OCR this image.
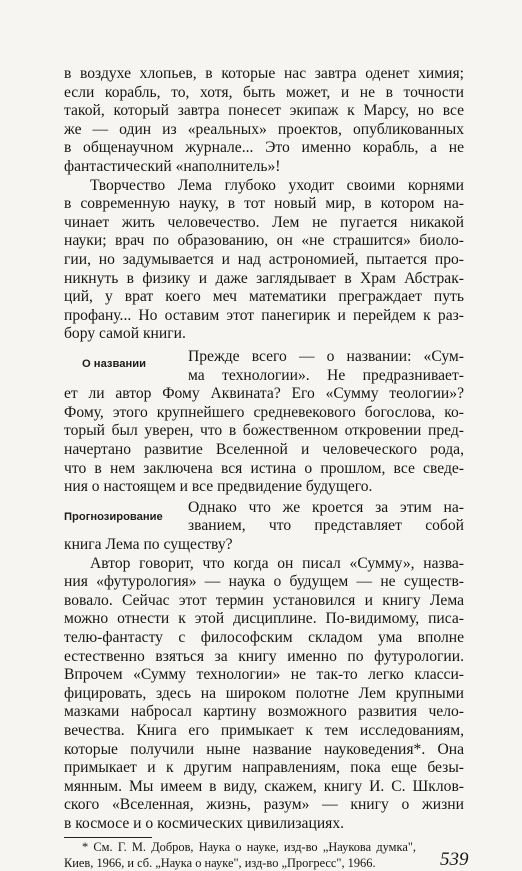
в воздухе хлопьев, в которые нас завтра оденет химия;
если корабль, то, хотя, быть может, и не в точности
такой, который завтра понесет экипаж к Марсу, но все
же — один из «реальных» проектов, опубликованных
в общенаучном журнале... Это именно корабль, а не
фантастический «наполнитель»!
Творчество Лема глубоко уходит своими корнями
в современную науку, в тот новый мир, в котором на-
чинает жить человечество. Лем не пугается никакой
науки; врач по образованию, он «не страшится» биоло-
гии, но задумывается и над астрономией, пытается про-
никнуть в физику и даже заглядывает в Храм Абстрак-
ций, у врат коего меч математики преграждает путь
профану... Но оставим этот панегирик и перейдем к раз-
бору самой книги.
О названии	Прежде всего — о названии: «Сум-
ма технологии». Не предразнивает-
ет ли автор Фому Аквината? Его «Сумму теологии»?
Фому, этого крупнейшего средневекового богослова, ко-
торый был уверен, что в божественном откровении пред-
начертано развитие Вселенной и человеческого рода,
что в нем заключена вся истина о прошлом, все сведе-
ния о настоящем и все предвидение будущего.
Прогнозирование
Однако что же кроется за этим на-
званием, что представляет собой
книга Лема по существу?
Автор говорит, что когда он писал «Сумму», назва-
ния «футурология» — наука о будущем — не существ-
вовало. Сейчас этот термин установился и книгу Лема
можно отнести к этой дисциплине. По-видимому, писа-
телю-фантасту с философским складом ума вполне
естественно взяться за книгу именно по футурологии.
Впрочем «Сумму технологии» не так-то легко класси-
фицировать, здесь на широком полотне Лем крупными
мазками набросал картину возможного развития чело-
вечества. Книга его примыкает к тем исследованиям,
которые получили ныне название науковедения*. Она
примыкает и к другим направлениям, пока еще безы-
мянным. Мы имеем в виду, скажем, книгу И. С. Шклов-
ского «Вселенная, жизнь, разум» — книгу о жизни
в космосе и о космических цивилизациях.
* См. Г. М. Добров, Наука о науке, изд-во „Наукова думка",
Киев, 1966, и сб. „Наука о науке", изд-во „Прогресс", 1966.	539
